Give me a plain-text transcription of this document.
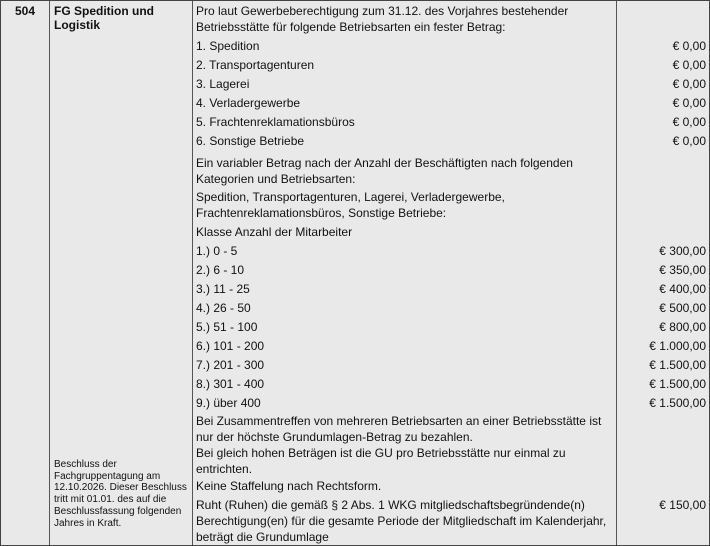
504 FG Spedition und Logistik
Beschluss der Fachgruppentagung am 12.10.2026. Dieser Beschluss tritt mit 01.01. des auf die Beschlussfassung folgenden Jahres in Kraft.
Pro laut Gewerbeberechtigung zum 31.12. des Vorjahres bestehender Betriebsstätte für folgende Betriebsarten ein fester Betrag:
1. Spedition
2. Transportagenturen
3. Lagerei
4. Verladergewerbe
5. Frachtenreklamationsbüros
6. Sonstige Betriebe
Ein variabler Betrag nach der Anzahl der Beschäftigten nach folgenden Kategorien und Betriebsarten:
Spedition, Transportagenturen, Lagerei, Verladergewerbe, Frachtenreklamationsbüros, Sonstige Betriebe:
Klasse Anzahl der Mitarbeiter
1.) 0 - 5
2.) 6 - 10
3.) 11 - 25
4.) 26 - 50
5.) 51 - 100
6.) 101 - 200
7.) 201 - 300
8.) 301 - 400
9.) über 400
Bei Zusammentreffen von mehreren Betriebsarten an einer Betriebsstätte ist nur der höchste Grundumlagen-Betrag zu bezahlen.
Bei gleich hohen Beträgen ist die GU pro Betriebsstätte nur einmal zu entrichten.
Keine Staffelung nach Rechtsform.
Ruht (Ruhen) die gemäß § 2 Abs. 1 WKG mitgliedschaftsbegründende(n) Berechtigung(en) für die gesamte Periode der Mitgliedschaft im Kalenderjahr, beträgt die Grundumlage
€ 0,00
€ 0,00
€ 0,00
€ 0,00
€ 0,00
€ 0,00
€ 300,00
€ 350,00
€ 400,00
€ 500,00
€ 800,00
€ 1.000,00
€ 1.500,00
€ 1.500,00
€ 1.500,00
€ 150,00
